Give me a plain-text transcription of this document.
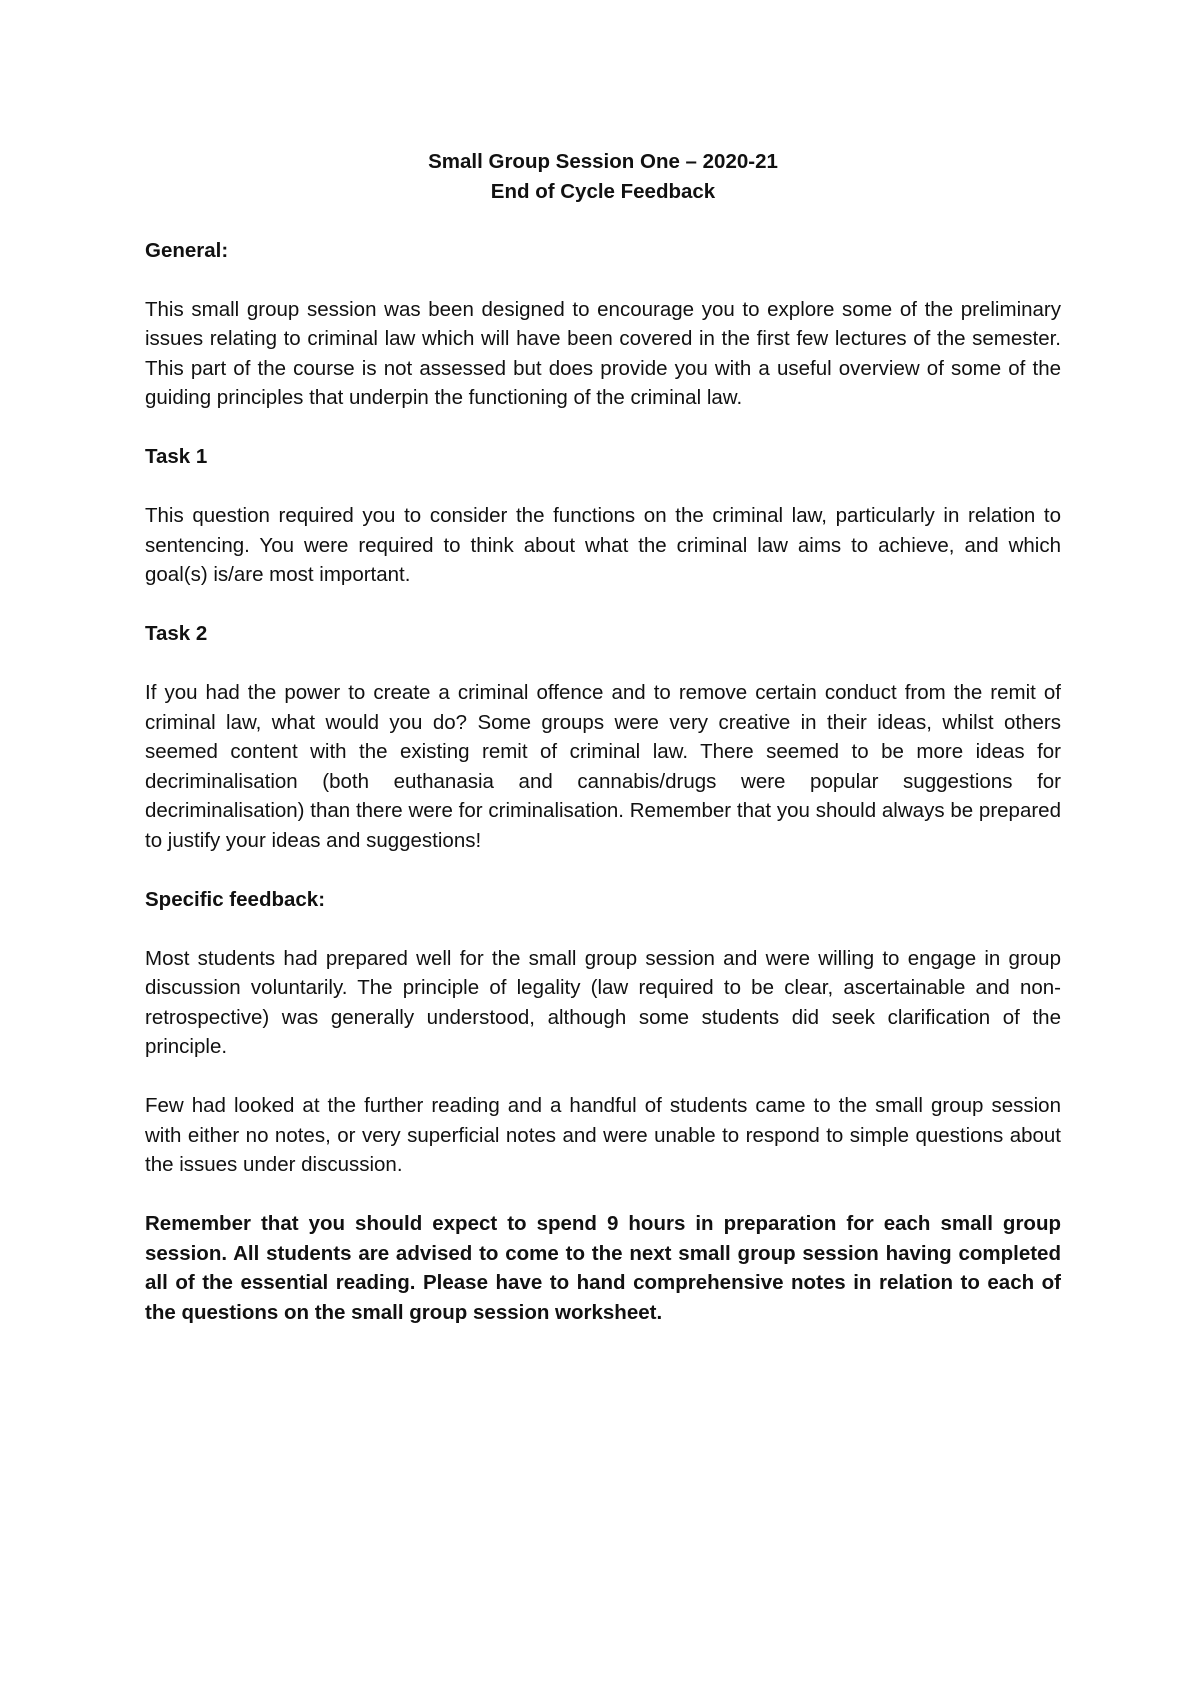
Small Group Session One – 2020-21
End of Cycle Feedback
General:
This small group session was been designed to encourage you to explore some of the preliminary issues relating to criminal law which will have been covered in the first few lectures of the semester. This part of the course is not assessed but does provide you with a useful overview of some of the guiding principles that underpin the functioning of the criminal law.
Task 1
This question required you to consider the functions on the criminal law, particularly in relation to sentencing. You were required to think about what the criminal law aims to achieve, and which goal(s) is/are most important.
Task 2
If you had the power to create a criminal offence and to remove certain conduct from the remit of criminal law, what would you do? Some groups were very creative in their ideas, whilst others seemed content with the existing remit of criminal law. There seemed to be more ideas for decriminalisation (both euthanasia and cannabis/drugs were popular suggestions for decriminalisation) than there were for criminalisation. Remember that you should always be prepared to justify your ideas and suggestions!
Specific feedback:
Most students had prepared well for the small group session and were willing to engage in group discussion voluntarily. The principle of legality (law required to be clear, ascertainable and non-retrospective) was generally understood, although some students did seek clarification of the principle.
Few had looked at the further reading and a handful of students came to the small group session with either no notes, or very superficial notes and were unable to respond to simple questions about the issues under discussion.
Remember that you should expect to spend 9 hours in preparation for each small group session. All students are advised to come to the next small group session having completed all of the essential reading. Please have to hand comprehensive notes in relation to each of the questions on the small group session worksheet.
